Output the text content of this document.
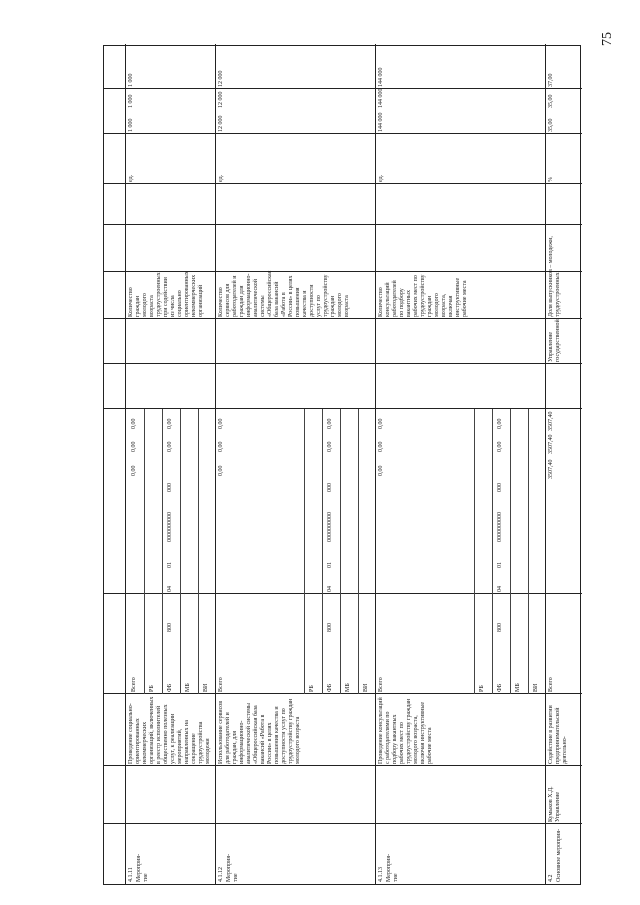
75
4.1.11 Мероприя-тие
Проведение социально-ориентированных некоммерческих организаций, включенных в реестр исполнителей общественно полезных услуг, к реализации мероприятий, направленных на сокращение трудоустройства молодежи
Всего РБ ФБ МБ ВИ
800
04
01
0000000000
000
0,00
0,00
0,00
0,00
0,00
Количество граждан молодого возраста трудоустроенных при содействии из числа социально ориентированных некоммерческих организаций
ед.
1 000
1 000
1 000
4.1.12 Мероприя-тие
Использование сервисов для работодателей и граждан, для информационно-аналитической системы «Общероссийская база вакансий «Работа в России» в целях повышения качества и доступности услуг по трудоустройству граждан молодого возраста
Всего	РБ ФБ МБ ВИ
800
04
01
0000000000
000
0,00
0,00
0,00
0,00
0,00
Количество сервисов для работодателей и граждан для информационно-аналитической системы «Общероссийская база вакансий «Работа в России» в целях повышения качества и доступности услуг по трудоустройству граждан молодого возраста
ед.
12 000
12 000
12 000
4.1.13 Мероприя-тие
Проведение консультаций с работодателями по подбору вакантных рабочих мест по трудоустройству граждан молодого возраста, включая инструктивные рабочие места
Всего	РБ ФБ МБ ВИ
800
04
01
0000000000
000
0,00
0,00
0,00
0,00
0,00
Количество консультаций работодателей по подбору вакантных рабочих мест по трудоустройству граждан молодого возраста, включая инструктивные рабочие места
ед.
144 000
144 000
144 000
4.2 Основное мероприя-
Кумыков Х.Д. Управление
Содействие в развитии предпринимательской деятельно-
Всего
3507,40
3507,40
3507,40
Управление государственной
Доля выпускников – молодежи, трудоустроенных
%
35,00
35,00
37,00
